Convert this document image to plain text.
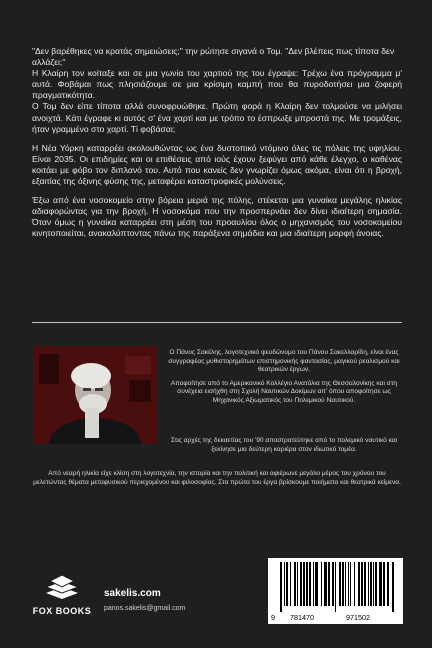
"Δεν βαρέθηκες να κρατάς σημειώσεις;" την ρώτησε σιγανά ο Τομ. "Δεν βλέπεις πως τίποτα δεν αλλάζει;"

Η Κλαίρη τον κοίταξε και σε μια γωνία του χαρτιού της του έγραψε: Τρέχω ένα πρόγραμμα μ' αυτά. Φοβάμαι πως πλησιάζουμε σε μια κρίσιμη καμπή που θα πυροδοτήσει μια ζοφερή πραγματικότητα.

Ο Τομ δεν είπε τίποτα αλλά συνοφρυώθηκε. Πρώτη φορά η Κλαίρη δεν τολμούσε να μιλήσει ανοιχτά. Κάτι έγραφε κι αυτός σ' ένα χαρτί και με τρόπο το έσπρωξε μπροστά της. Με τρομάξεις, ήταν γραμμένο στο χαρτί. Τί φοβάσαι;

Η Νέα Υόρκη καταρρέει ακολουθώντας ως ένα δυστοπικό ντόμινο όλες τις πόλεις της υφηλίου. Είναι 2035. Οι επιδημίες και οι επιθέσεις από ιούς έχουν ξεφύγει από κάθε έλεγχο, ο καθένας κοιτάει με φόβο τον διπλανό του. Αυτό που κανείς δεν γνωρίζει όμως ακόμα, είναι ότι η βροχή, εξαιτίας της όξινης φύσης της, μεταφέρει καταστροφικές μολύνσεις.

Έξω από ένα νοσοκομείο στην βόρεια μεριά της πόλης, στέκεται μια γυναίκα μεγάλης ηλικίας αδιαφορώντας για την βροχή. Η νοσοκόμα που την προσπερνάει δεν δίνει ιδιαίτερη σημασία. Όταν όμως η γυναίκα καταρρέει στη μέση του προαυλίου όλος ο μηχανισμός του νοσοκομείου κινητοποιείται, ανακαλύπτοντας πάνω της παράξενα σημάδια και μια ιδιαίτερη μορφή άνοιας.

Ο Πάνος Σακέλης, λογοτεχνικό ψευδώνυμο του Πάνου Σακελλαρίδη, είναι ένας συγγραφέας μυθιστορημάτων επιστημονικής φαντασίας, μαγικού ρεαλισμού και θεατρικών έργων.

Αποφοίτησε από το Αμερικανικό Κολλέγιο Ανατόλια της Θεσσαλονίκης και στη συνέχεια εισήχθη στη Σχολή Ναυτικών Δοκίμων απ' όπου αποφοίτησε ως Μηχανικός Αξιωματικός του Πολεμικού Ναυτικού.

Στις αρχές της δεκαετίας του '90 αποστρατεύτηκε από το πολεμικό ναυτικό και ξεκίνησε μια δεύτερη καριέρα στον ιδιωτικό τομέα.

Από νεαρή ηλικία είχε κλίση στη λογοτεχνία, την ιστορία και την πολιτική και αφιέρωνε μεγάλο μέρος του χρόνου του μελετώντας θέματα μεταφυσικού περιεχομένου και φιλοσοφίας. Στα πρώτα του έργα βρίσκουμε ποιήματα και θεατρικά κείμενα.

FOX BOOKS
sakelis.com
panos.sakelis@gmail.com
9 781470	971502
